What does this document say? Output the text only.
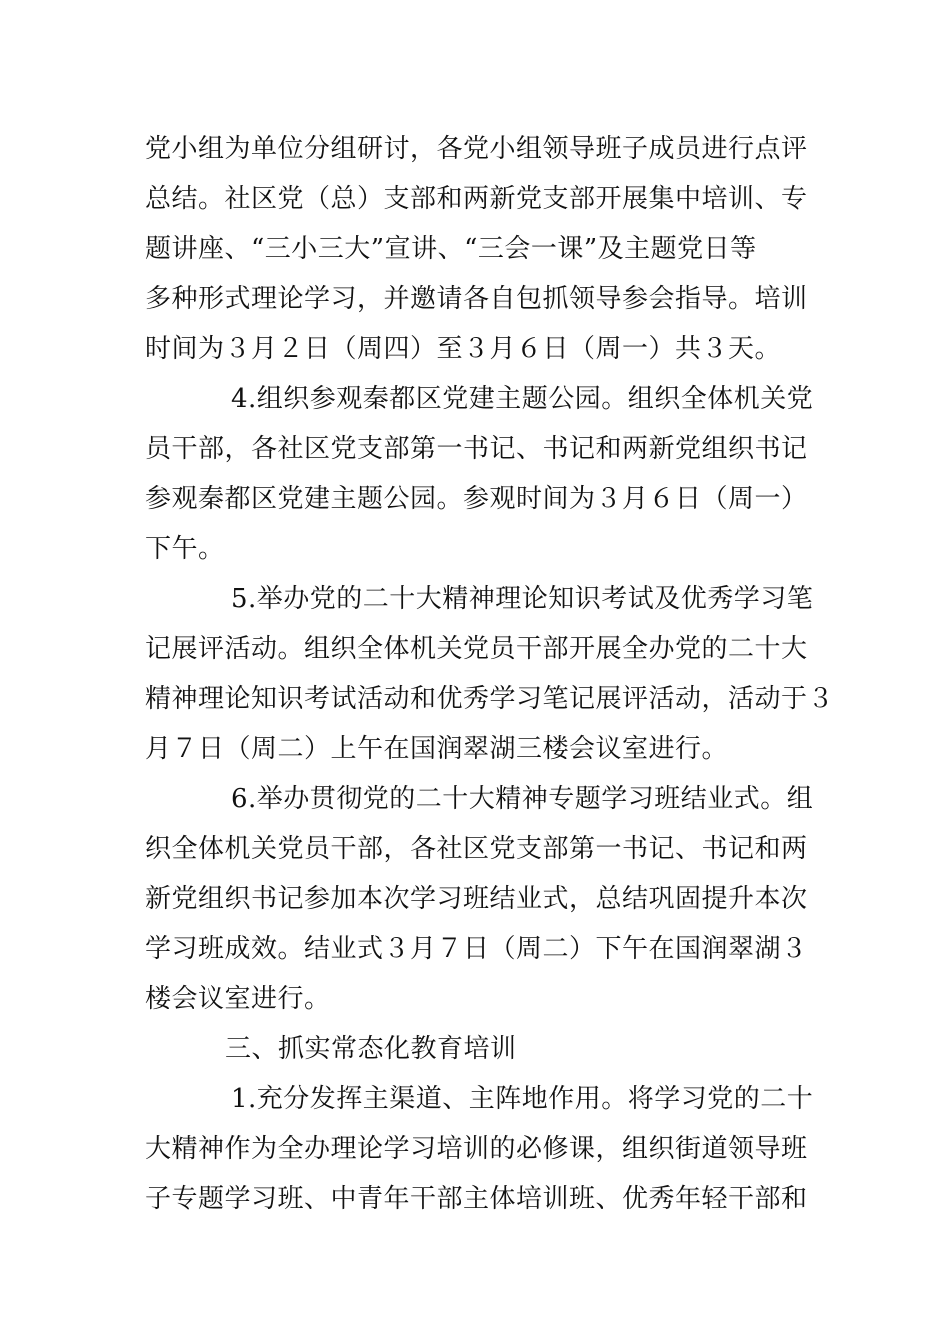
党小组为单位分组研讨，各党小组领导班子成员进行点评
总结。社区党（总）支部和两新党支部开展集中培训、专
题讲座、“三小三大”宣讲、“三会一课”及主题党日等
多种形式理论学习，并邀请各自包抓领导参会指导。培训
时间为３月２日（周四）至３月６日（周一）共３天。
4.组织参观秦都区党建主题公园。组织全体机关党
员干部，各社区党支部第一书记、书记和两新党组织书记
参观秦都区党建主题公园。参观时间为３月６日（周一）
下午。
5.举办党的二十大精神理论知识考试及优秀学习笔
记展评活动。组织全体机关党员干部开展全办党的二十大
精神理论知识考试活动和优秀学习笔记展评活动，活动于３
月７日（周二）上午在国润翠湖三楼会议室进行。
6.举办贯彻党的二十大精神专题学习班结业式。组
织全体机关党员干部，各社区党支部第一书记、书记和两
新党组织书记参加本次学习班结业式，总结巩固提升本次
学习班成效。结业式３月７日（周二）下午在国润翠湖３
楼会议室进行。
三、抓实常态化教育培训
1.充分发挥主渠道、主阵地作用。将学习党的二十
大精神作为全办理论学习培训的必修课，组织街道领导班
子专题学习班、中青年干部主体培训班、优秀年轻干部和
